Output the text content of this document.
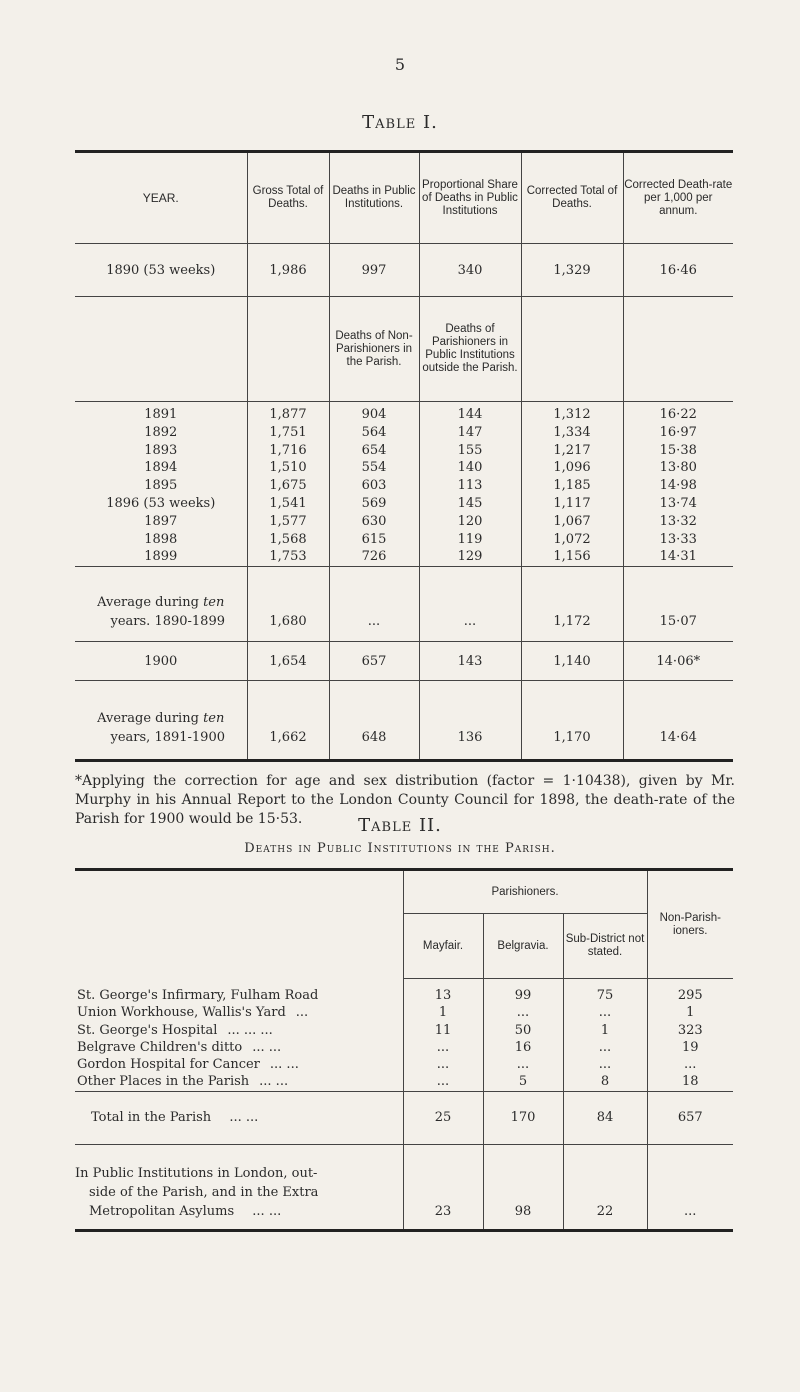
5
Table I.
YEAR.	Gross Total of Deaths.	Deaths in Public Institutions.	Proportional Share of Deaths in Public Institutions	Corrected Total of Deaths.	Corrected Death-rate per 1,000 per annum.
1890 (53 weeks)	1,986	997	340	1,329	16·46
		Deaths of Non-Parishioners in the Parish.	Deaths of Parishioners in Public Institutions outside the Parish.		
1891	1,877	904	144	1,312	16·22
1892	1,751	564	147	1,334	16·97
1893	1,716	654	155	1,217	15·38
1894	1,510	554	140	1,096	13·80
1895	1,675	603	113	1,185	14·98
1896 (53 weeks)	1,541	569	145	1,117	13·74
1897	1,577	630	120	1,067	13·32
1898	1,568	615	119	1,072	13·33
1899	1,753	726	129	1,156	14·31
Average during ten
years. 1890-1899	1,680	...	...	1,172	15·07
1900	1,654	657	143	1,140	14·06*
Average during ten
years, 1891-1900	1,662	648	136	1,170	14·64
*Applying the correction for age and sex distribution (factor = 1·10438), given by Mr. Murphy in his Annual Report to the London County Council for 1898, the death-rate of the Parish for 1900 would be 15·53.	Table II.
Deaths in Public Institutions in the Parish.
	Parishioners.			Non-Parish-ioners.
	Mayfair.	Belgravia.	Sub-District not stated.	
St. George's Infirmary, Fulham Road	13	99	75	295
Union Workhouse, Wallis's Yard ...	1	...	...	1
St. George's Hospital ... ... ...	11	50	1	323
Belgrave Children's ditto ... ...	...	16	...	19
Gordon Hospital for Cancer ... ...	...	...	...	...
Other Places in the Parish ... ...	...	5	8	18
Total in the Parish ... ...	25	170	84	657
In Public Institutions in London, out-
side of the Parish, and in the Extra
Metropolitan Asylums ... ...	23	98	22	...
